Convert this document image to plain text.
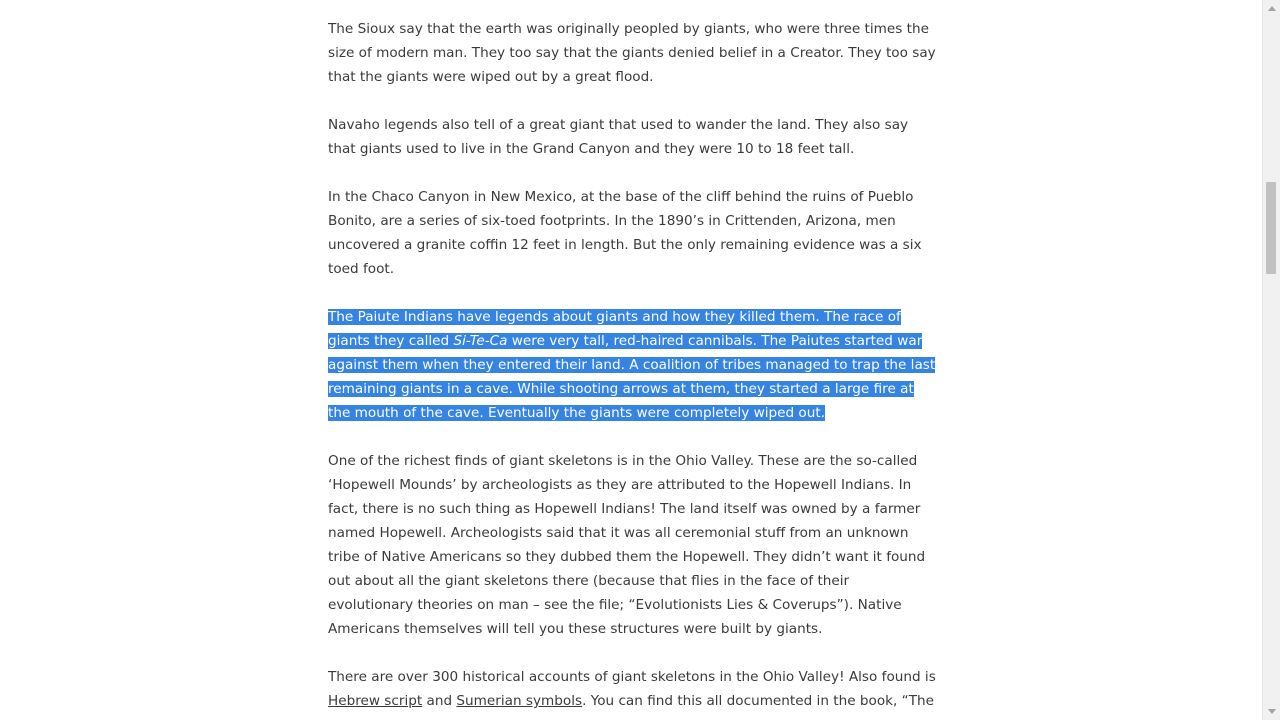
The Sioux say that the earth was originally peopled by giants, who were three times the size of modern man. They too say that the giants denied belief in a Creator. They too say that the giants were wiped out by a great flood.

Navaho legends also tell of a great giant that used to wander the land. They also say that giants used to live in the Grand Canyon and they were 10 to 18 feet tall.

In the Chaco Canyon in New Mexico, at the base of the cliff behind the ruins of Pueblo Bonito, are a series of six-toed footprints. In the 1890’s in Crittenden, Arizona, men uncovered a granite coffin 12 feet in length. But the only remaining evidence was a six toed foot.

The Paiute Indians have legends about giants and how they killed them. The race of giants they called Si-Te-Ca were very tall, red-haired cannibals. The Paiutes started war against them when they entered their land. A coalition of tribes managed to trap the last remaining giants in a cave. While shooting arrows at them, they started a large fire at the mouth of the cave. Eventually the giants were completely wiped out.

One of the richest finds of giant skeletons is in the Ohio Valley. These are the so-called ‘Hopewell Mounds’ by archeologists as they are attributed to the Hopewell Indians. In fact, there is no such thing as Hopewell Indians! The land itself was owned by a farmer named Hopewell. Archeologists said that it was all ceremonial stuff from an unknown tribe of Native Americans so they dubbed them the Hopewell. They didn’t want it found out about all the giant skeletons there (because that flies in the face of their evolutionary theories on man – see the file; “Evolutionists Lies & Coverups”). Native Americans themselves will tell you these structures were built by giants.

There are over 300 historical accounts of giant skeletons in the Ohio Valley! Also found is Hebrew script and Sumerian symbols. You can find this all documented in the book, “The
